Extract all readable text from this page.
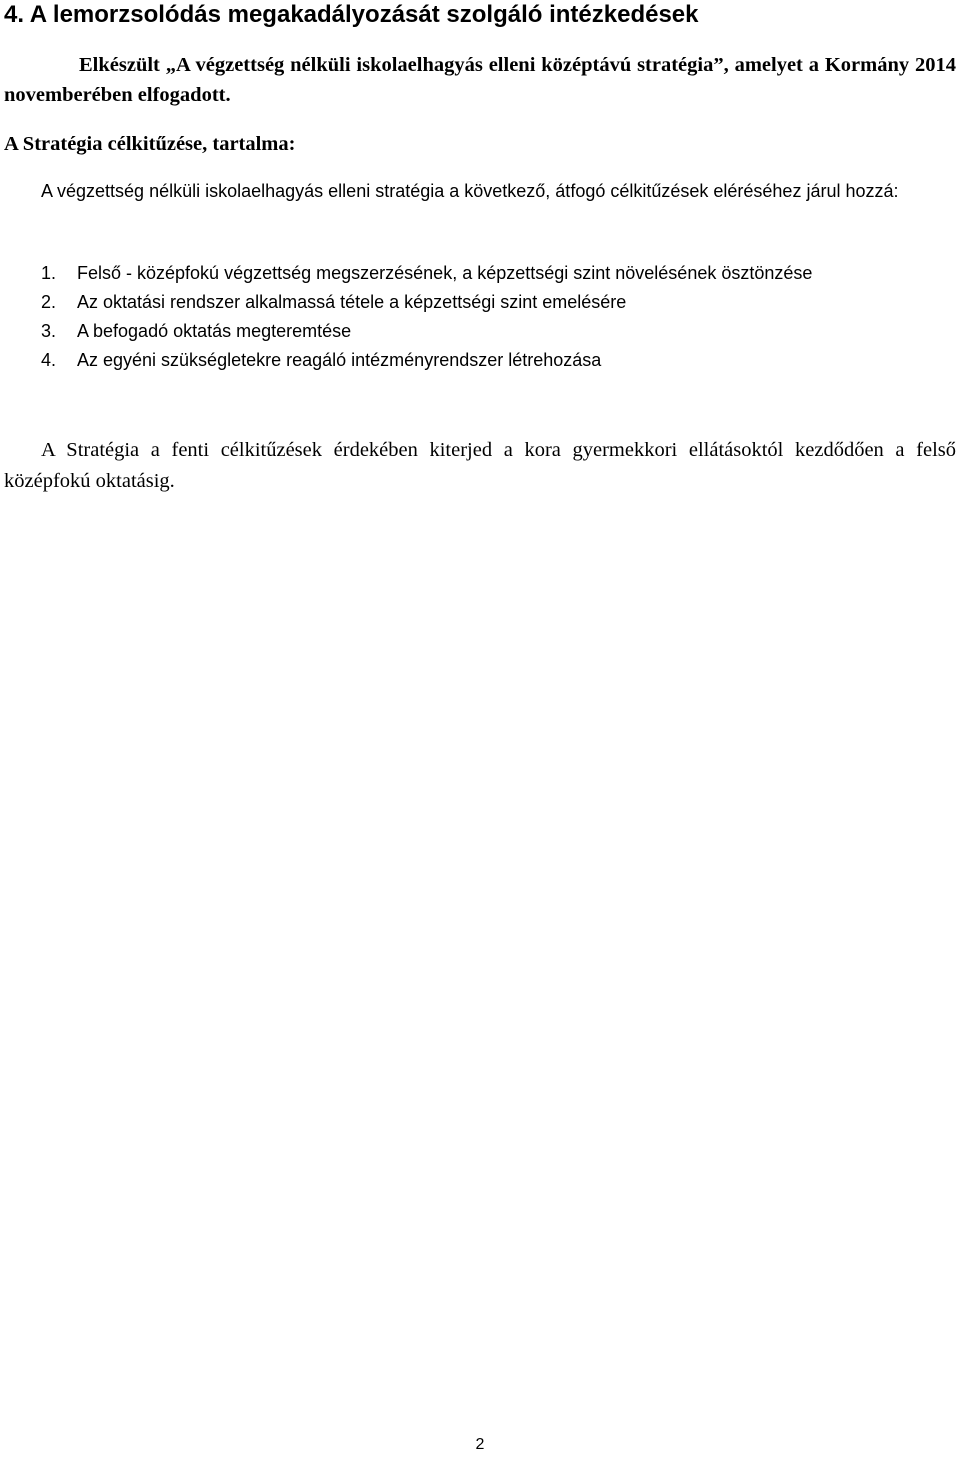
4. A lemorzsolódás megakadályozását szolgáló intézkedések

Elkészült „A végzettség nélküli iskolaelhagyás elleni középtávú stratégia”, amelyet a Kormány 2014 novemberében elfogadott.

A Stratégia célkitűzése, tartalma:

A végzettség nélküli iskolaelhagyás elleni stratégia a következő, átfogó célkitűzések eléréséhez járul hozzá:

1.	Felső - középfokú végzettség megszerzésének, a képzettségi szint növelésének ösztönzése
2.	Az oktatási rendszer alkalmassá tétele a képzettségi szint emelésére
3.	A befogadó oktatás megteremtése
4.	Az egyéni szükségletekre reagáló intézményrendszer létrehozása

A Stratégia a fenti célkitűzések érdekében kiterjed a kora gyermekkori ellátásoktól kezdődően a felső középfokú oktatásig.

2
